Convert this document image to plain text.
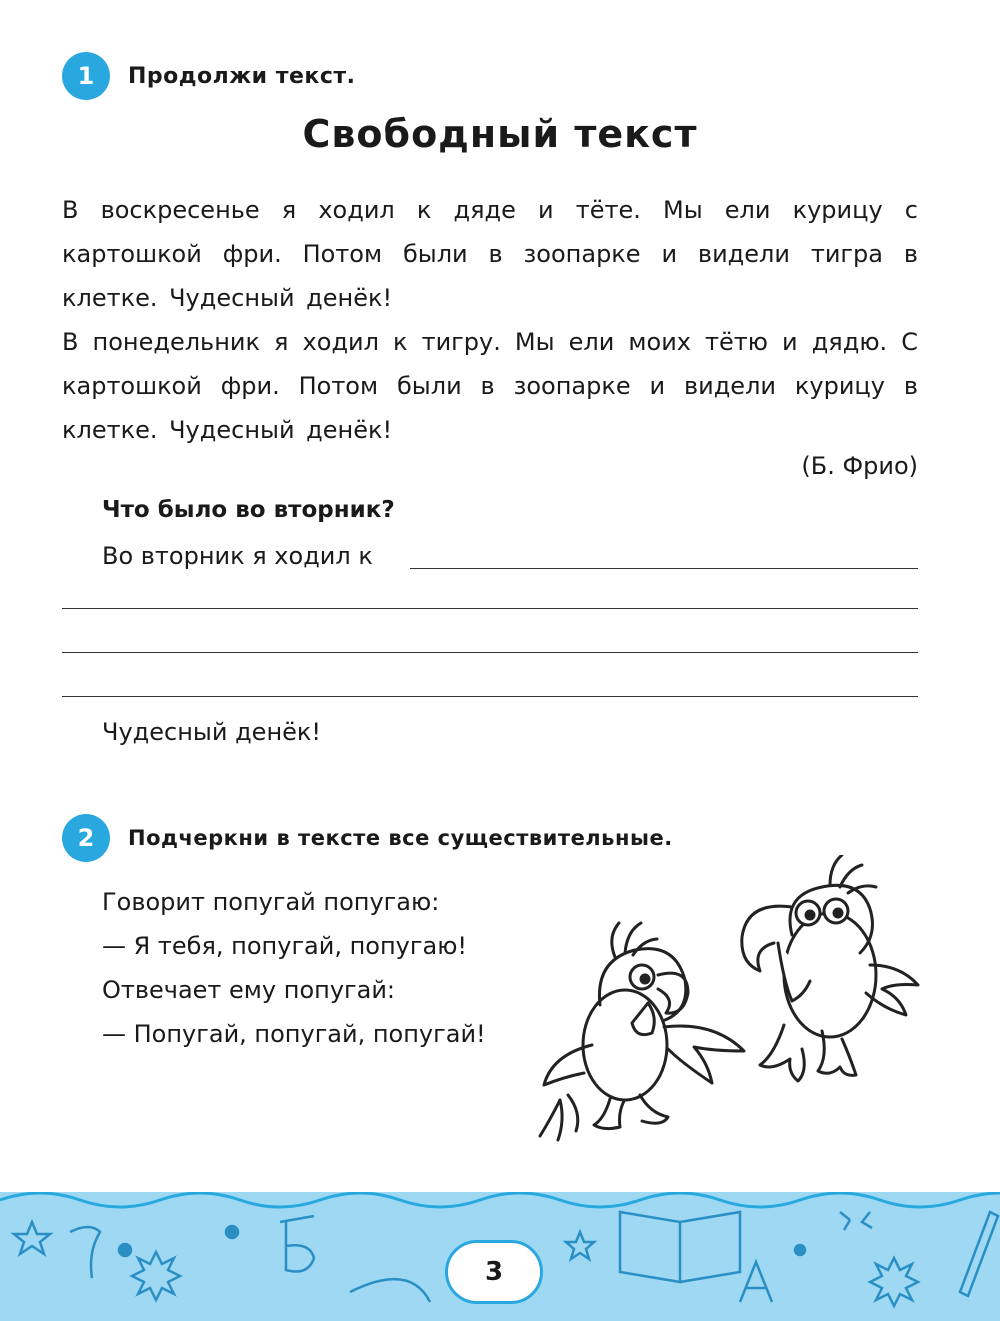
1	Продолжи текст.
Свободный текст
В воскресенье я ходил к дяде и тёте. Мы ели курицу с картошкой фри. Потом были в зоопарке и видели тигра в клетке. Чудесный денёк!
В понедельник я ходил к тигру. Мы ели моих тётю и дядю. С картошкой фри. Потом были в зоопарке и видели курицу в клетке. Чудесный денёк!
(Б. Фрио)
Что было во вторник?
Во вторник я ходил к
Чудесный денёк!
2	Подчеркни в тексте все существительные.
Говорит попугай попугаю:
— Я тебя, попугай, попугаю!
Отвечает ему попугай:
— Попугай, попугай, попугай!
3
